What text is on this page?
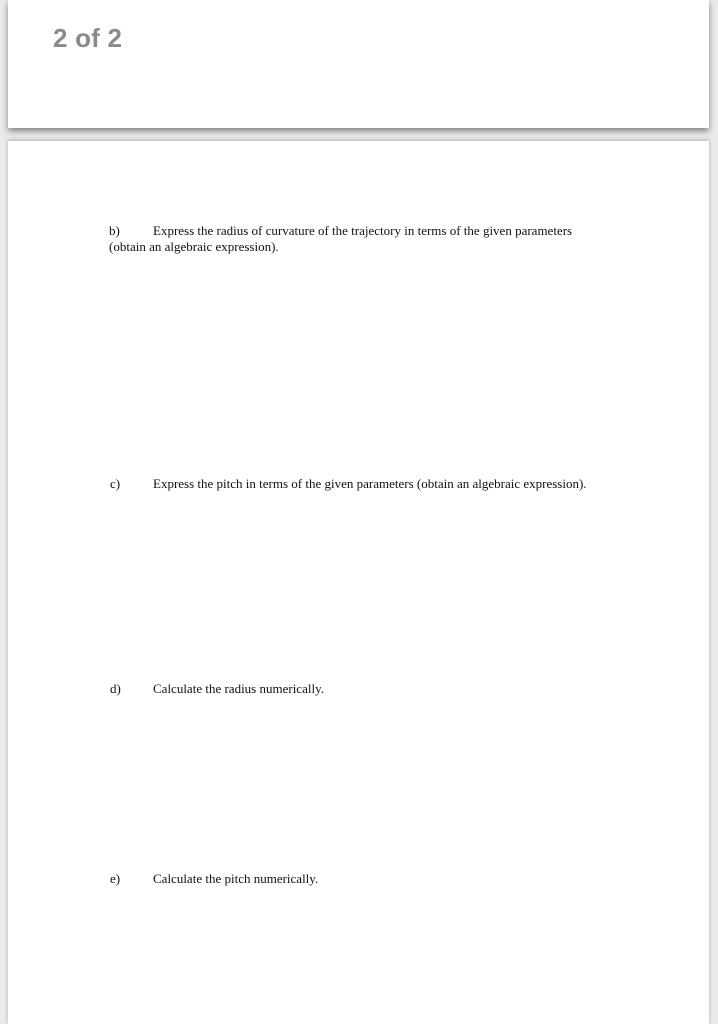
2 of 2
b)	Express the radius of curvature of the trajectory in terms of the given parameters
(obtain an algebraic expression).
c)	Express the pitch in terms of the given parameters (obtain an algebraic expression).
d) Calculate the radius numerically.
e)	Calculate the pitch numerically.
